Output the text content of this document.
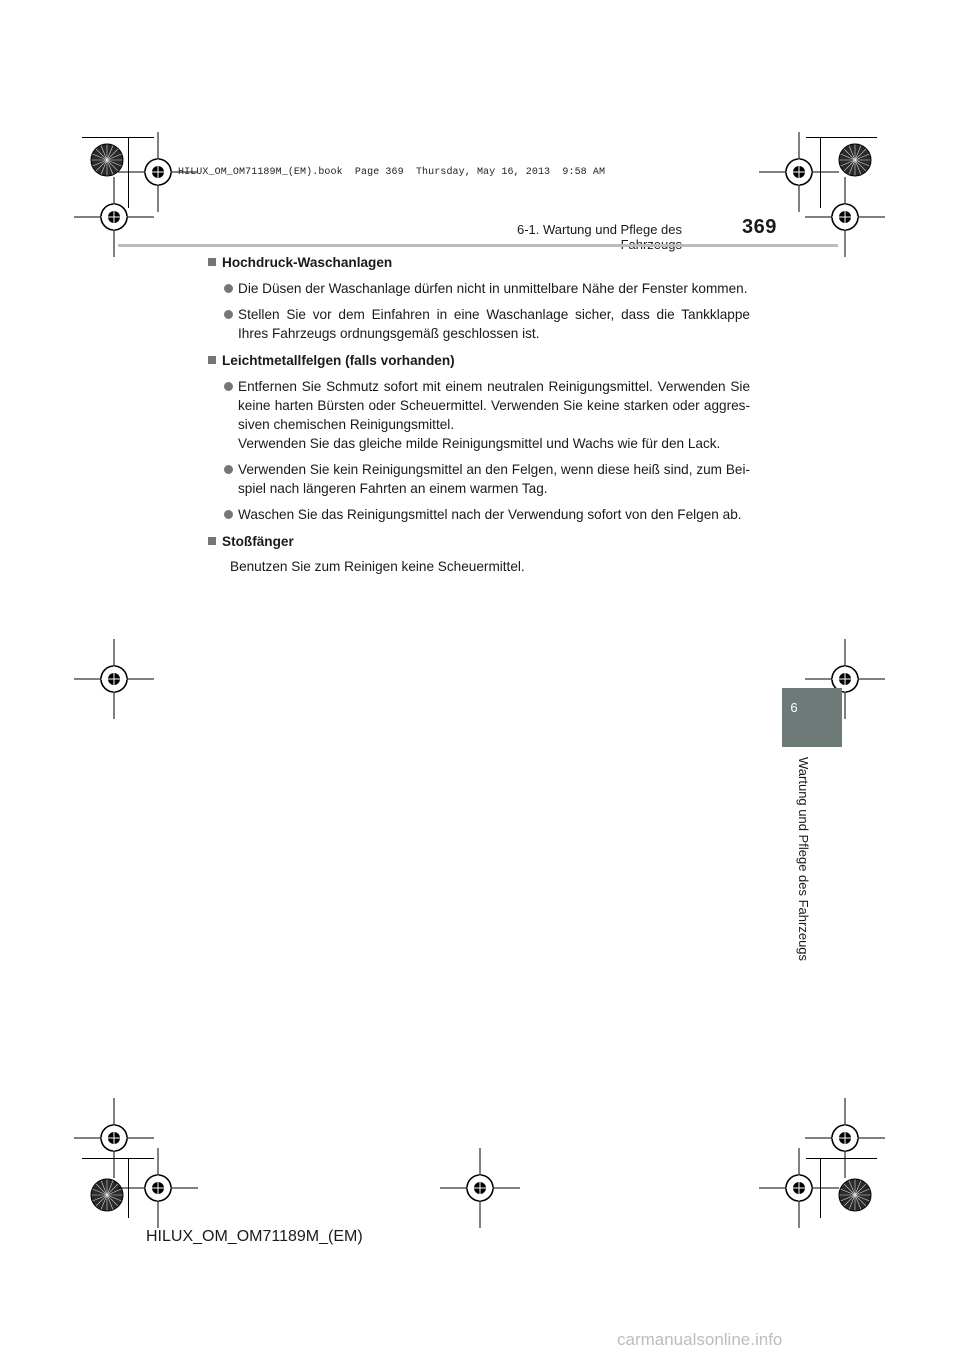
HILUX_OM_OM71189M_(EM).book  Page 369  Thursday, May 16, 2013  9:58 AM
6-1. Wartung und Pflege des	369
Hochdruck-Waschanlagen
Die Düsen der Waschanlage dürfen nicht in unmittelbare Nähe der Fenster kommen.
Stellen Sie vor dem Einfahren in eine Waschanlage sicher, dass die Tankklappe Ihres Fahrzeugs ordnungsgemäß geschlossen ist.
Leichtmetallfelgen (falls vorhanden)
Entfernen Sie Schmutz sofort mit einem neutralen Reinigungsmittel. Verwenden Sie keine harten Bürsten oder Scheuermittel. Verwenden Sie keine starken oder aggres-siven chemischen Reinigungsmittel.
Verwenden Sie das gleiche milde Reinigungsmittel und Wachs wie für den Lack.
Verwenden Sie kein Reinigungsmittel an den Felgen, wenn diese heiß sind, zum Bei-spiel nach längeren Fahrten an einem warmen Tag.
Waschen Sie das Reinigungsmittel nach der Verwendung sofort von den Felgen ab.
Stoßfänger
Benutzen Sie zum Reinigen keine Scheuermittel.
6
Wartung und Pflege des Fahrzeugs
HILUX_OM_OM71189M_(EM)
carmanualsonline.info
